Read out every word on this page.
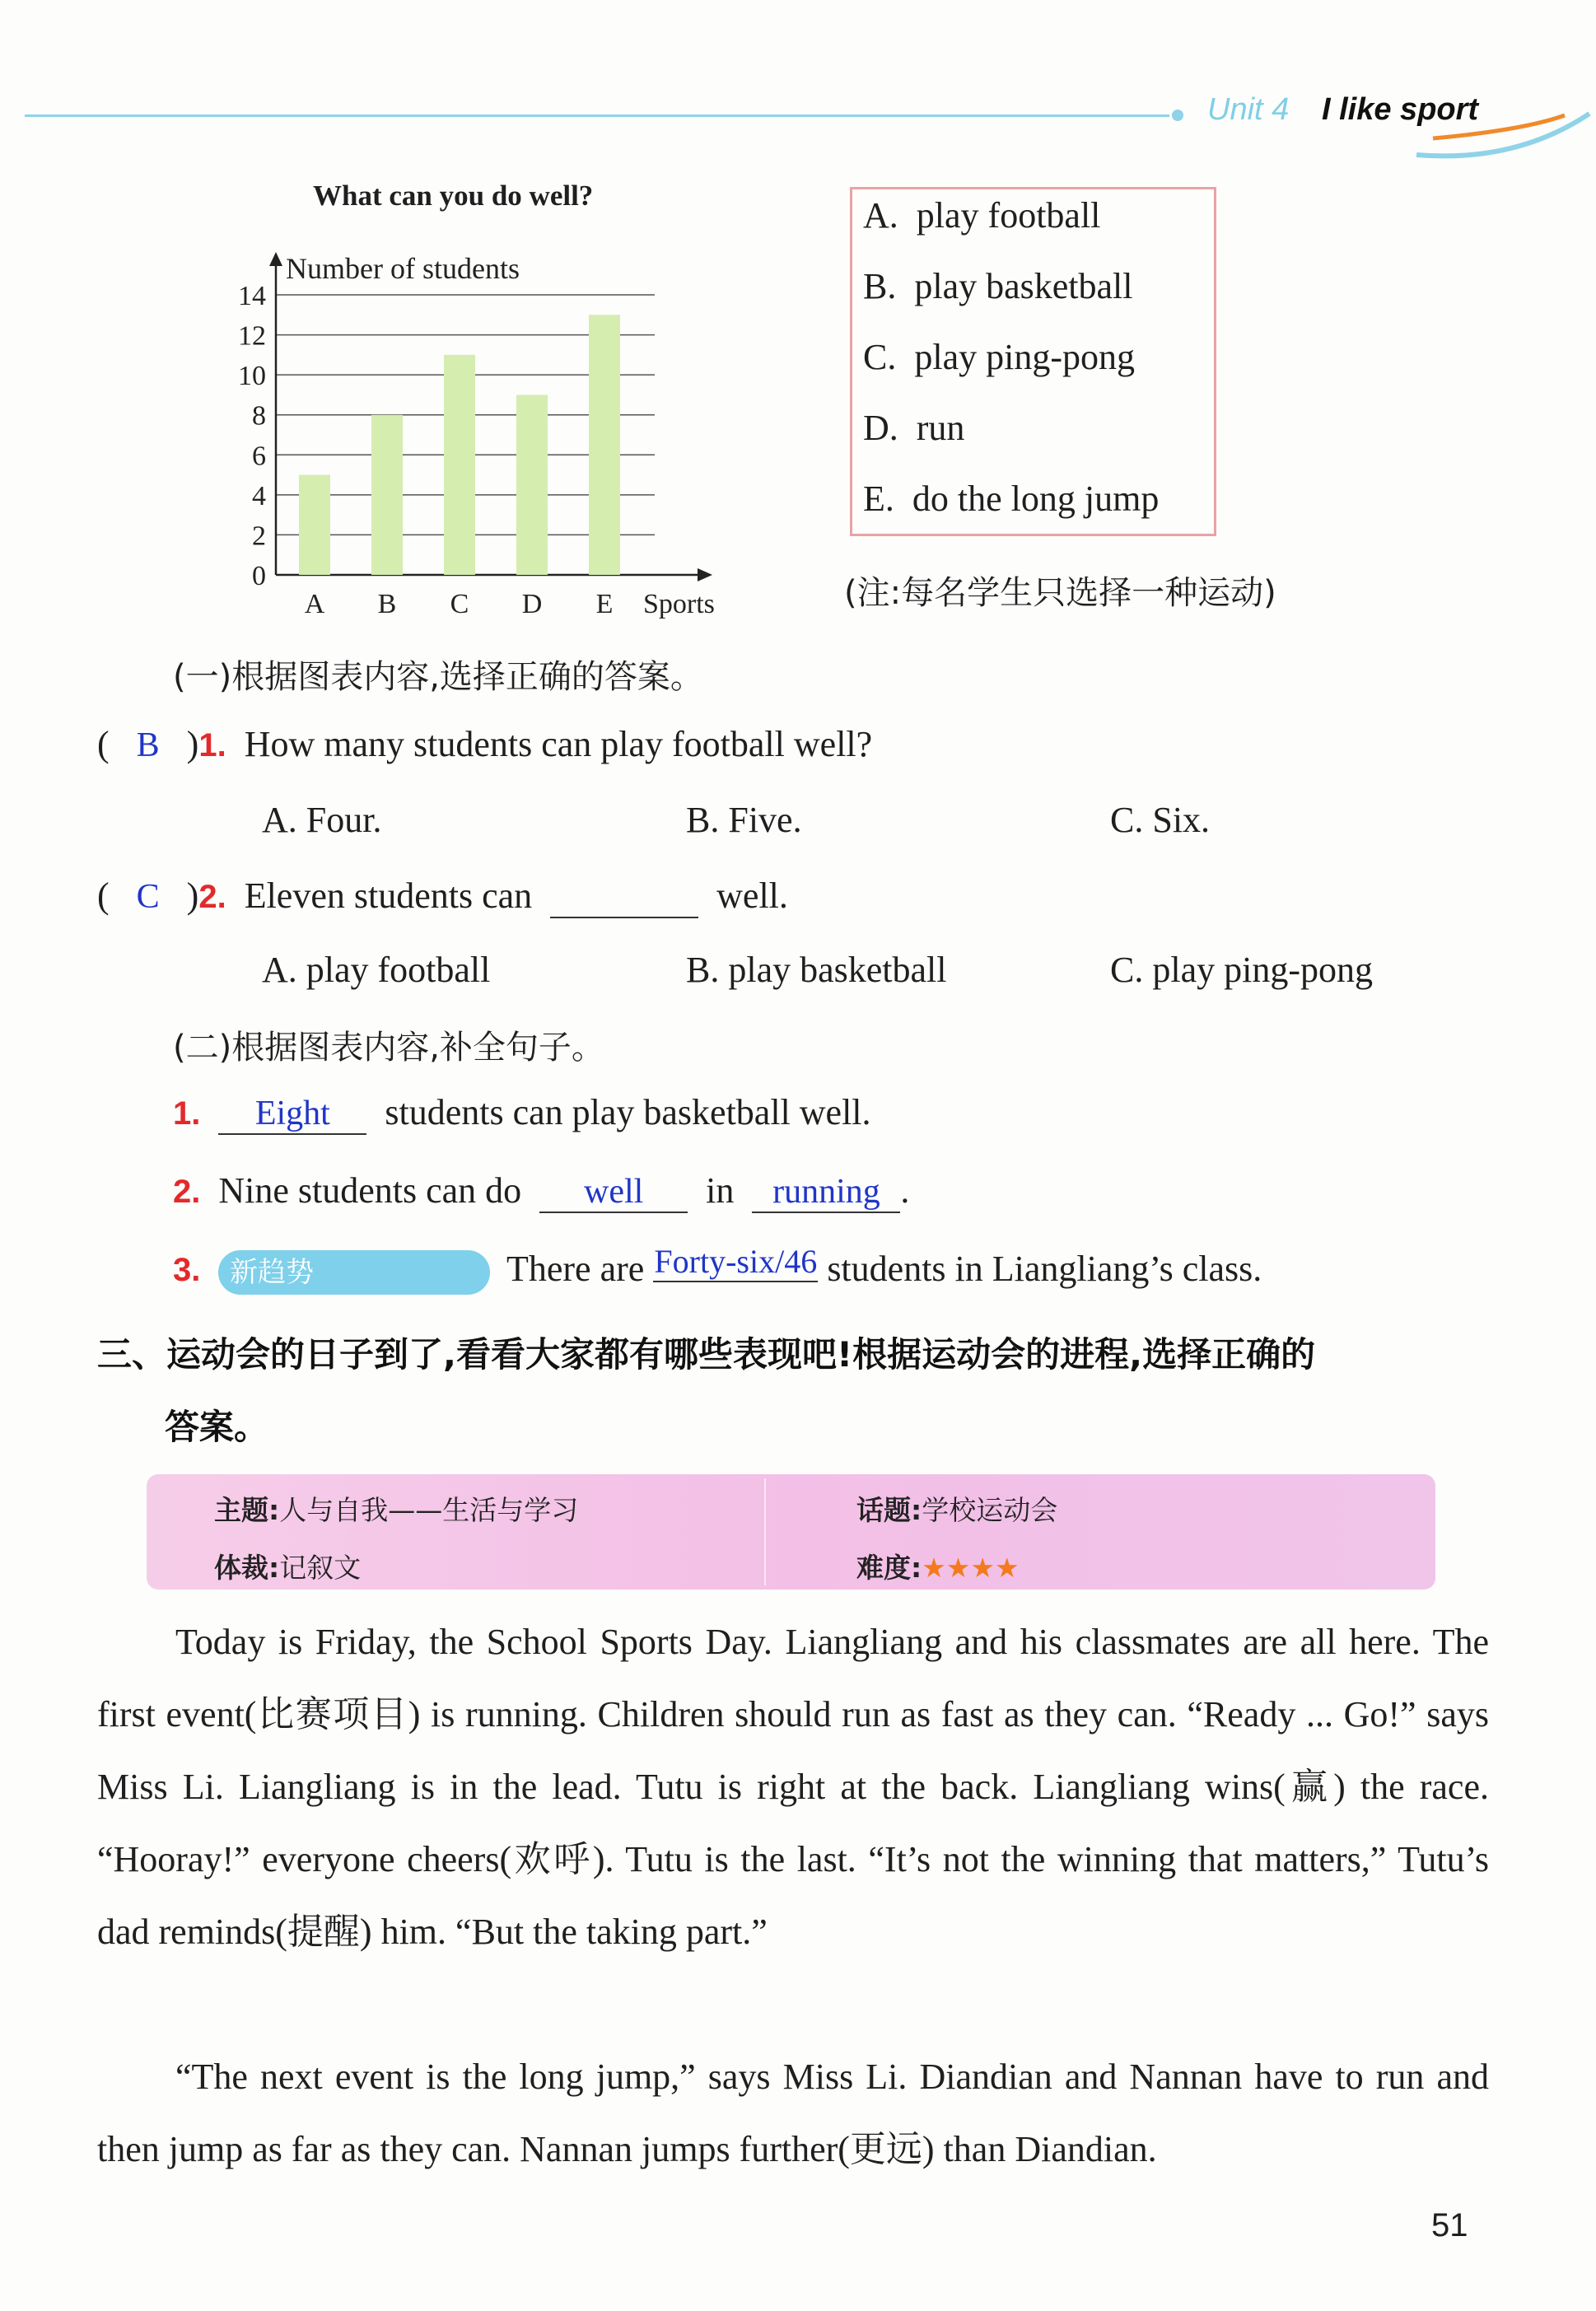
Unit 4 I like sport
What can you do well?
0
2
4
6
8
10
12
14
Number of students
A B C D E Sports
A. play football
B. play basketball
C. play ping-pong
D. run
E. do the long jump
(注:每名学生只选择一种运动)
(一)根据图表内容,选择正确的答案。
(   B   )1. How many students can play football well?
A. Four.	B. Five.	C. Six.
(   C   )2. Eleven students can	well.
A. play football	B. play basketball	C. play ping-pong
(二)根据图表内容,补全句子。
1. Eight students can play basketball well.
2. Nine students can do well in running .
3.	新趋势	There are Forty-six/46 students in Liangliang’s class.
三、运动会的日子到了,看看大家都有哪些表现吧!根据运动会的进程,选择正确的
答案。
主题:人与自我——生活与学习	话题:学校运动会
体裁:记叙文	难度:★★★★
Today is Friday, the School Sports Day. Liangliang and his classmates are all here. The first event(比赛项目) is running. Children should run as fast as they can. “Ready ... Go!” says Miss Li. Liangliang is in the lead. Tutu is right at the back. Liangliang wins(赢) the race. “Hooray!” everyone cheers(欢呼). Tutu is the last. “It’s not the winning that matters,” Tutu’s dad reminds(提醒) him. “But the taking part.”
“The next event is the long jump,” says Miss Li. Diandian and Nannan have to run and then jump as far as they can. Nannan jumps further(更远) than Diandian.
51
